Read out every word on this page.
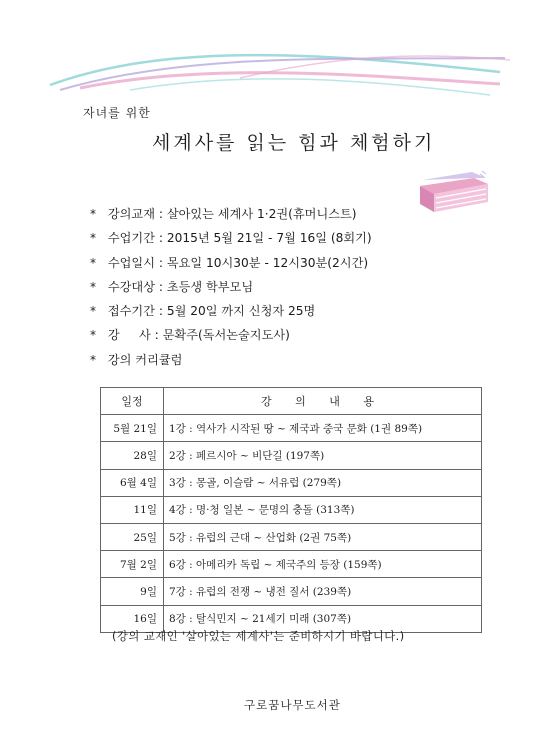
자녀를 위한
세계사를 읽는 힘과 체험하기
* 강의교재 : 살아있는 세계사 1·2권(휴머니스트)
* 수업기간 : 2015년 5월 21일 - 7월 16일 (8회기)
* 수업일시 : 목요일 10시30분 - 12시30분(2시간)
* 수강대상 : 초등생 학부모님
* 접수기간 : 5월 20일 까지 신청자 25명
* 강     사 : 문확주(독서논술지도사)
* 강의 커리큘럼
일정	강 의 내 용
5월 21일	1강 : 역사가 시작된 땅 ~ 제국과 중국 문화 (1권 89쪽)
28일	2강 : 페르시아 ~ 비단길 (197쪽)
6월 4일	3강 : 몽골, 이슬람 ~ 서유럽 (279쪽)
11일	4강 : 명·청 일본 ~ 문명의 충돌 (313쪽)
25일	5강 : 유럽의 근대 ~ 산업화 (2권 75쪽)
7월 2일	6강 : 아메리카 독립 ~ 제국주의 등장 (159쪽)
9일	7강 : 유럽의 전쟁 ~ 냉전 질서 (239쪽)
16일	8강 : 탈식민지 ~ 21세기 미래 (307쪽)
(강의 교재인 '살아있는 세계사'는 준비하시기 바랍니다.)
구로꿈나무도서관
